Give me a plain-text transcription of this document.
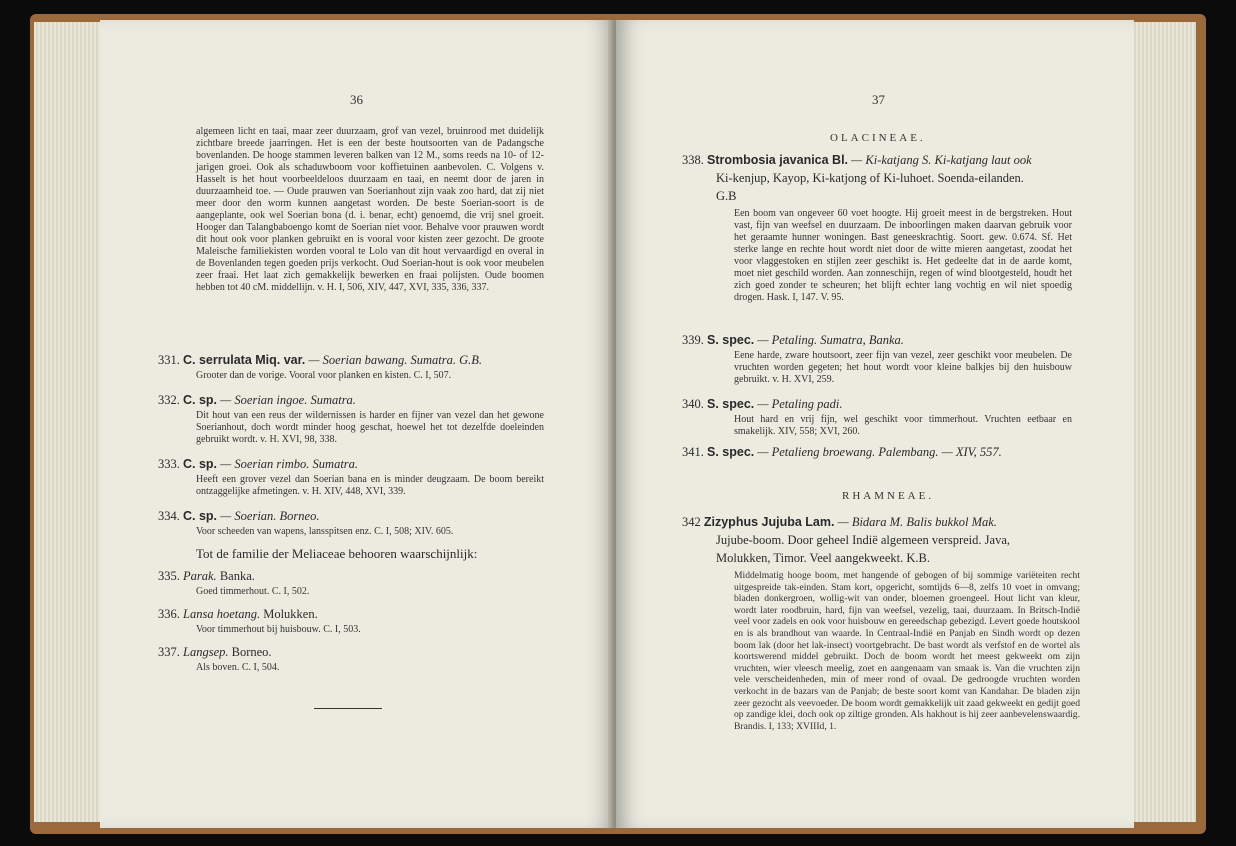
36
algemeen licht en taai, maar zeer duurzaam, grof van vezel, bruinrood met duidelijk zichtbare breede jaarringen. Het is een der beste houtsoorten van de Padangsche bovenlanden. De hooge stammen leveren balken van 12 M., soms reeds na 10- of 12-jarigen groei. Ook als schaduwboom voor koffietuinen aanbevolen. C. Volgens v. Hasselt is het hout voorbeeldeloos duurzaam en taai, en neemt door de jaren in duurzaamheid toe. — Oude prauwen van Soerianhout zijn vaak zoo hard, dat zij niet meer door den worm kunnen aangetast worden. De beste Soerian-soort is de aangeplante, ook wel Soerian bona (d. i. benar, echt) genoemd, die vrij snel groeit. Hooger dan Talangbaboengo komt de Soerian niet voor. Behalve voor prauwen wordt dit hout ook voor planken gebruikt en is vooral voor kisten zeer gezocht. De groote Maleische familiekisten worden vooral te Lolo van dit hout vervaardigd en overal in de Bovenlanden tegen goeden prijs verkocht. Oud Soerian-hout is ook voor meubelen zeer fraai. Het laat zich gemakkelijk bewerken en fraai polijsten. Oude boomen hebben tot 40 cM. middellijn. v. H. I, 506, XIV, 447, XVI, 335, 336, 337.
331. C. serrulata Miq. var. — Soerian bawang. Sumatra. G.B.
Grooter dan de vorige. Vooral voor planken en kisten. C. I, 507.
332. C. sp. — Soerian ingoe. Sumatra.
Dit hout van een reus der wildernissen is harder en fijner van vezel dan het gewone Soerianhout, doch wordt minder hoog geschat, hoewel het tot dezelfde doeleinden gebruikt wordt. v. H. XVI, 98, 338.
333. C. sp. — Soerian rimbo. Sumatra.
Heeft een grover vezel dan Soerian bana en is minder deugzaam. De boom bereikt ontzaggelijke afmetingen. v. H. XIV, 448, XVI, 339.
334. C. sp. — Soerian. Borneo.
Voor scheeden van wapens, lansspitsen enz. C. I, 508; XIV. 605.
Tot de familie der Meliaceae behooren waarschijnlijk:
335. Parak. Banka.
Goed timmerhout. C. I, 502.
336. Lansa hoetang. Molukken.
Voor timmerhout bij huisbouw. C. I, 503.
337. Langsep. Borneo.
Als boven. C. I, 504.
37
OLACINEAE.
338. Strombosia javanica Bl. — Ki-katjang S. Ki-katjang laut ook
Ki-kenjup, Kayop, Ki-katjong of Ki-luhoet. Soenda-eilanden.
G.B
Een boom van ongeveer 60 voet hoogte. Hij groeit meest in de bergstreken. Hout vast, fijn van weefsel en duurzaam. De inboorlingen maken daarvan gebruik voor het geraamte hunner woningen. Bast geneeskrachtig. Soort. gew. 0.674. Sf. Het sterke lange en rechte hout wordt niet door de witte mieren aangetast, zoodat het voor vlaggestoken en stijlen zeer geschikt is. Het gedeelte dat in de aarde komt, moet niet geschild worden. Aan zonneschijn, regen of wind blootgesteld, houdt het zich goed zonder te scheuren; het blijft echter lang vochtig en wil niet spoedig drogen. Hask. I, 147. V. 95.
339. S. spec. — Petaling. Sumatra, Banka.
Eene harde, zware houtsoort, zeer fijn van vezel, zeer geschikt voor meubelen. De vruchten worden gegeten; het hout wordt voor kleine balkjes bij den huisbouw gebruikt. v. H. XVI, 259.
340. S. spec. — Petaling padi.
Hout hard en vrij fijn, wel geschikt voor timmerhout. Vruchten eetbaar en smakelijk. XIV, 558; XVI, 260.
341. S. spec. — Petalieng broewang. Palembang. — XIV, 557.
RHAMNEAE.
342 Zizyphus Jujuba Lam. — Bidara M. Balis bukkol Mak.
Jujube-boom. Door geheel Indië algemeen verspreid. Java,
Molukken, Timor. Veel aangekweekt. K.B.
Middelmatig hooge boom, met hangende of gebogen of bij sommige variëteiten recht uitgespreide tak-einden. Stam kort, opgericht, somtijds 6—8, zelfs 10 voet in omvang; bladen donkergroen, wollig-wit van onder, bloemen groengeel. Hout licht van kleur, wordt later roodbruin, hard, fijn van weefsel, vezelig, taai, duurzaam. In Britsch-Indië veel voor zadels en ook voor huisbouw en gereedschap gebezigd. Levert goede houtskool en is als brandhout van waarde. In Centraal-Indië en Panjab en Sindh wordt op dezen boom lak (door het lak-insect) voortgebracht. De bast wordt als verfstof en de wortel als koortswerend middel gebruikt. Doch de boom wordt het meest gekweekt om zijn vruchten, wier vleesch meelig, zoet en aangenaam van smaak is. Van die vruchten zijn vele verscheidenheden, min of meer rond of ovaal. De gedroogde vruchten worden verkocht in de bazars van de Panjab; de beste soort komt van Kandahar. De bladen zijn zeer gezocht als veevoeder. De boom wordt gemakkelijk uit zaad gekweekt en gedijt goed op zandige klei, doch ook op ziltige gronden. Als hakhout is hij zeer aanbevelenswaardig. Brandis. I, 133; XVIIId, 1.
